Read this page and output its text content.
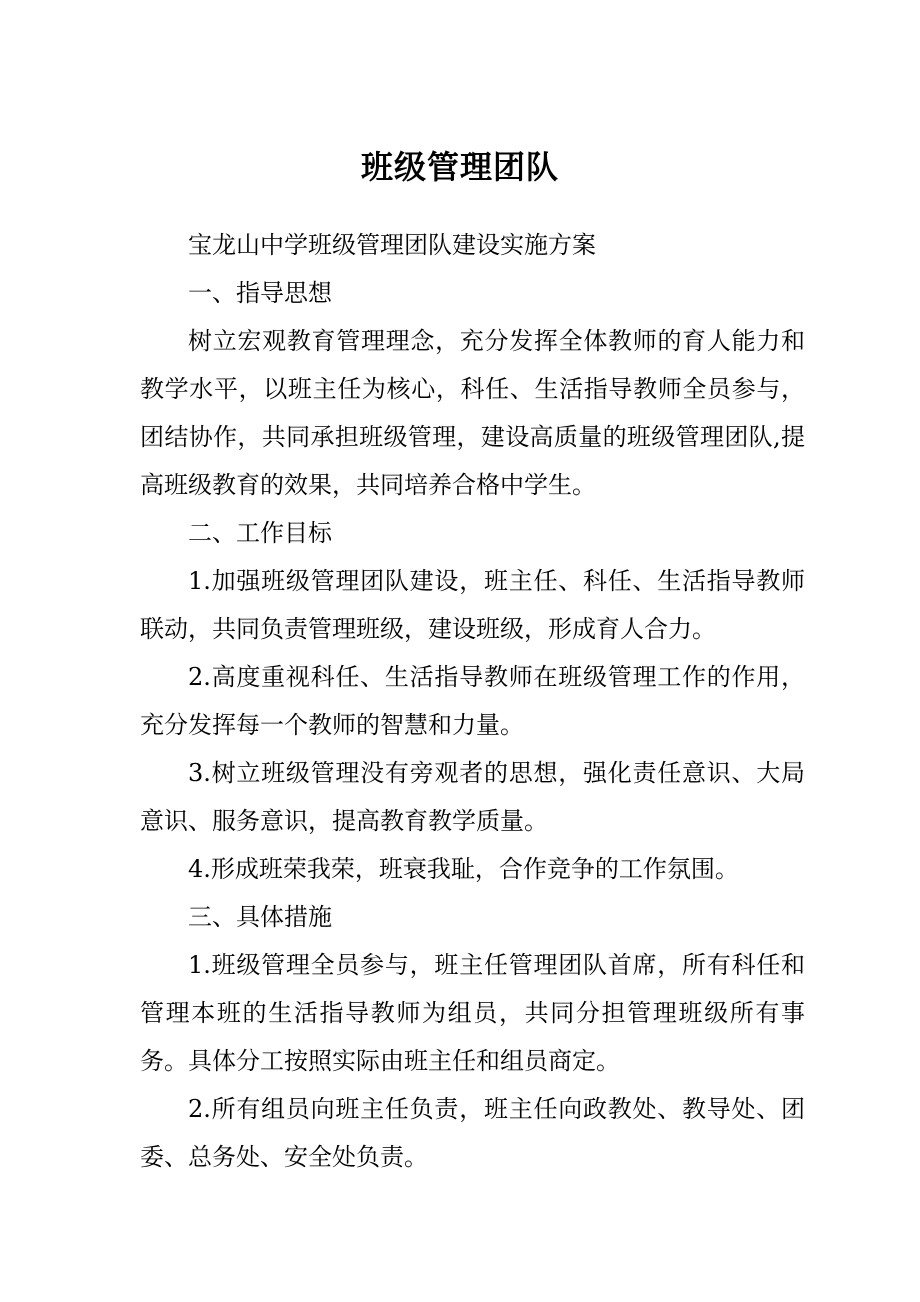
班级管理团队

宝龙山中学班级管理团队建设实施方案

一、指导思想

树立宏观教育管理理念，充分发挥全体教师的育人能力和教学水平，以班主任为核心，科任、生活指导教师全员参与，团结协作，共同承担班级管理，建设高质量的班级管理团队,提高班级教育的效果，共同培养合格中学生。

二、工作目标

1.加强班级管理团队建设，班主任、科任、生活指导教师联动，共同负责管理班级，建设班级，形成育人合力。

2.高度重视科任、生活指导教师在班级管理工作的作用，充分发挥每一个教师的智慧和力量。

3.树立班级管理没有旁观者的思想，强化责任意识、大局意识、服务意识，提高教育教学质量。

4.形成班荣我荣，班衰我耻，合作竞争的工作氛围。

三、具体措施

1.班级管理全员参与，班主任管理团队首席，所有科任和管理本班的生活指导教师为组员，共同分担管理班级所有事务。具体分工按照实际由班主任和组员商定。

2.所有组员向班主任负责，班主任向政教处、教导处、团委、总务处、安全处负责。
